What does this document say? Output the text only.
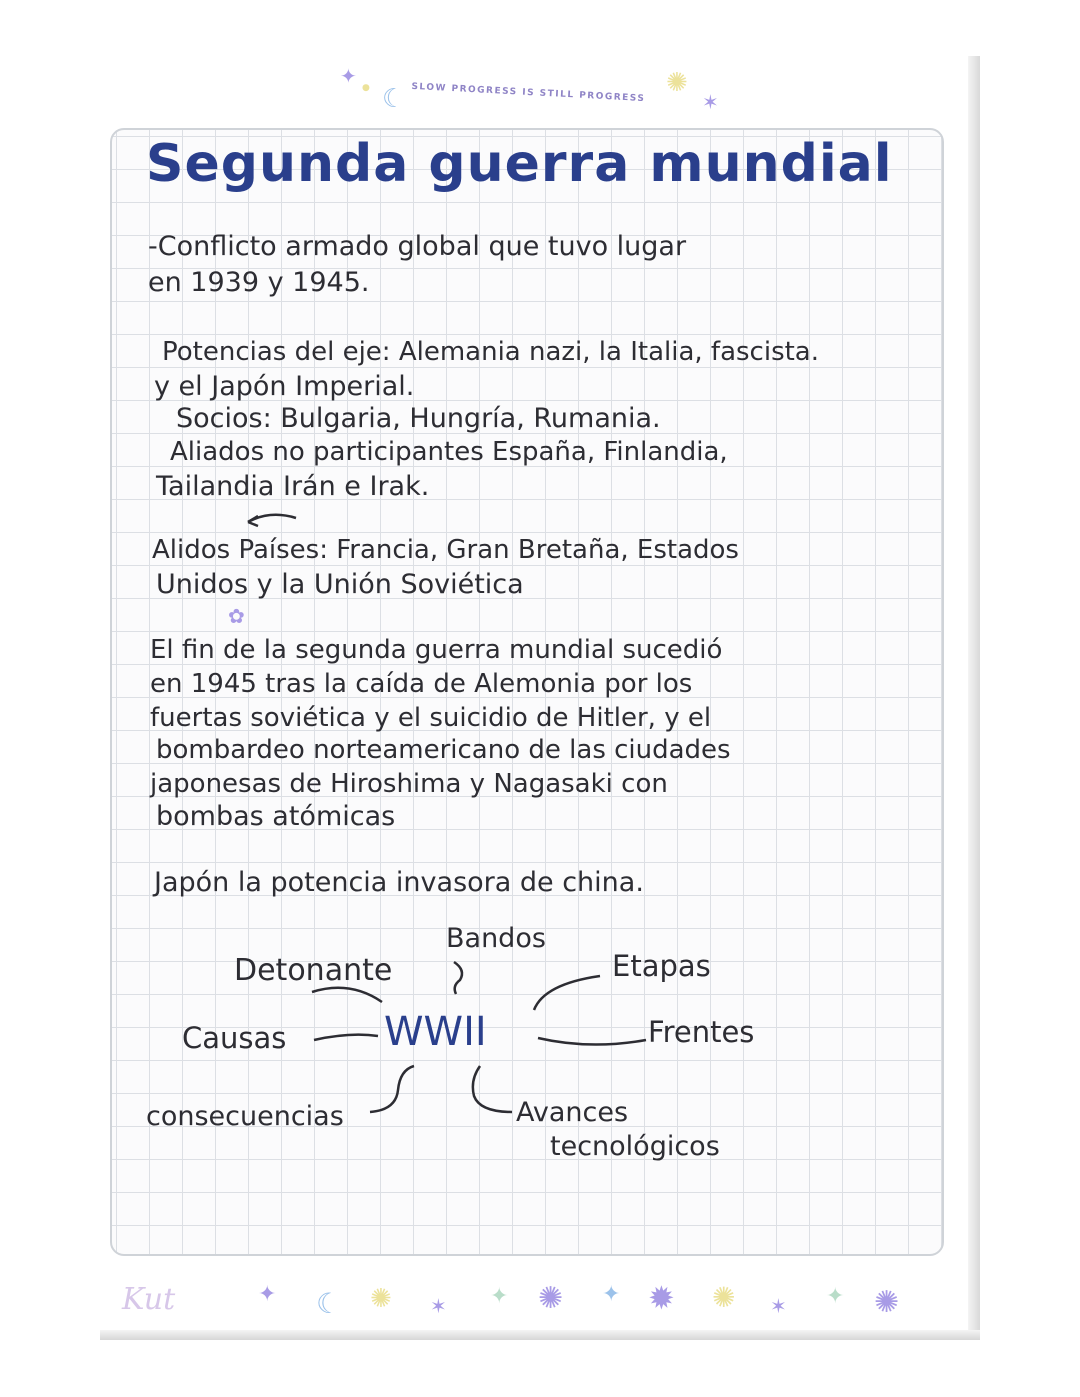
✦ ● ☾ SLOW PROGRESS IS STILL PROGRESS ✺
✶
Segunda guerra mundial
-Conflicto armado global que tuvo lugar
en 1939 y 1945.
Potencias del eje: Alemania nazi, la Italia, fascista.
y el Japón Imperial.
Socios: Bulgaria, Hungría, Rumania.
Aliados no participantes España, Finlandia,
Tailandia Irán e Irak.
Alidos Países: Francia, Gran Bretaña, Estados
Unidos y la Unión Soviética
✿
El fin de la segunda guerra mundial sucedió
en 1945 tras la caída de Alemonia por los
fuertas soviética y el suicidio de Hitler, y el
bombardeo norteamericano de las ciudades
japonesas de Hiroshima y Nagasaki con
bombas atómicas
Japón la potencia invasora de china.
Bandos
Detonante	Etapas
Causas WWII	Frentes
consecuencias	Avances
tecnológicos
Kut	✦ ☾ ✺ ✶ ✦ ✺ ✦ ✹ ✺ ✶ ✦ ✺
